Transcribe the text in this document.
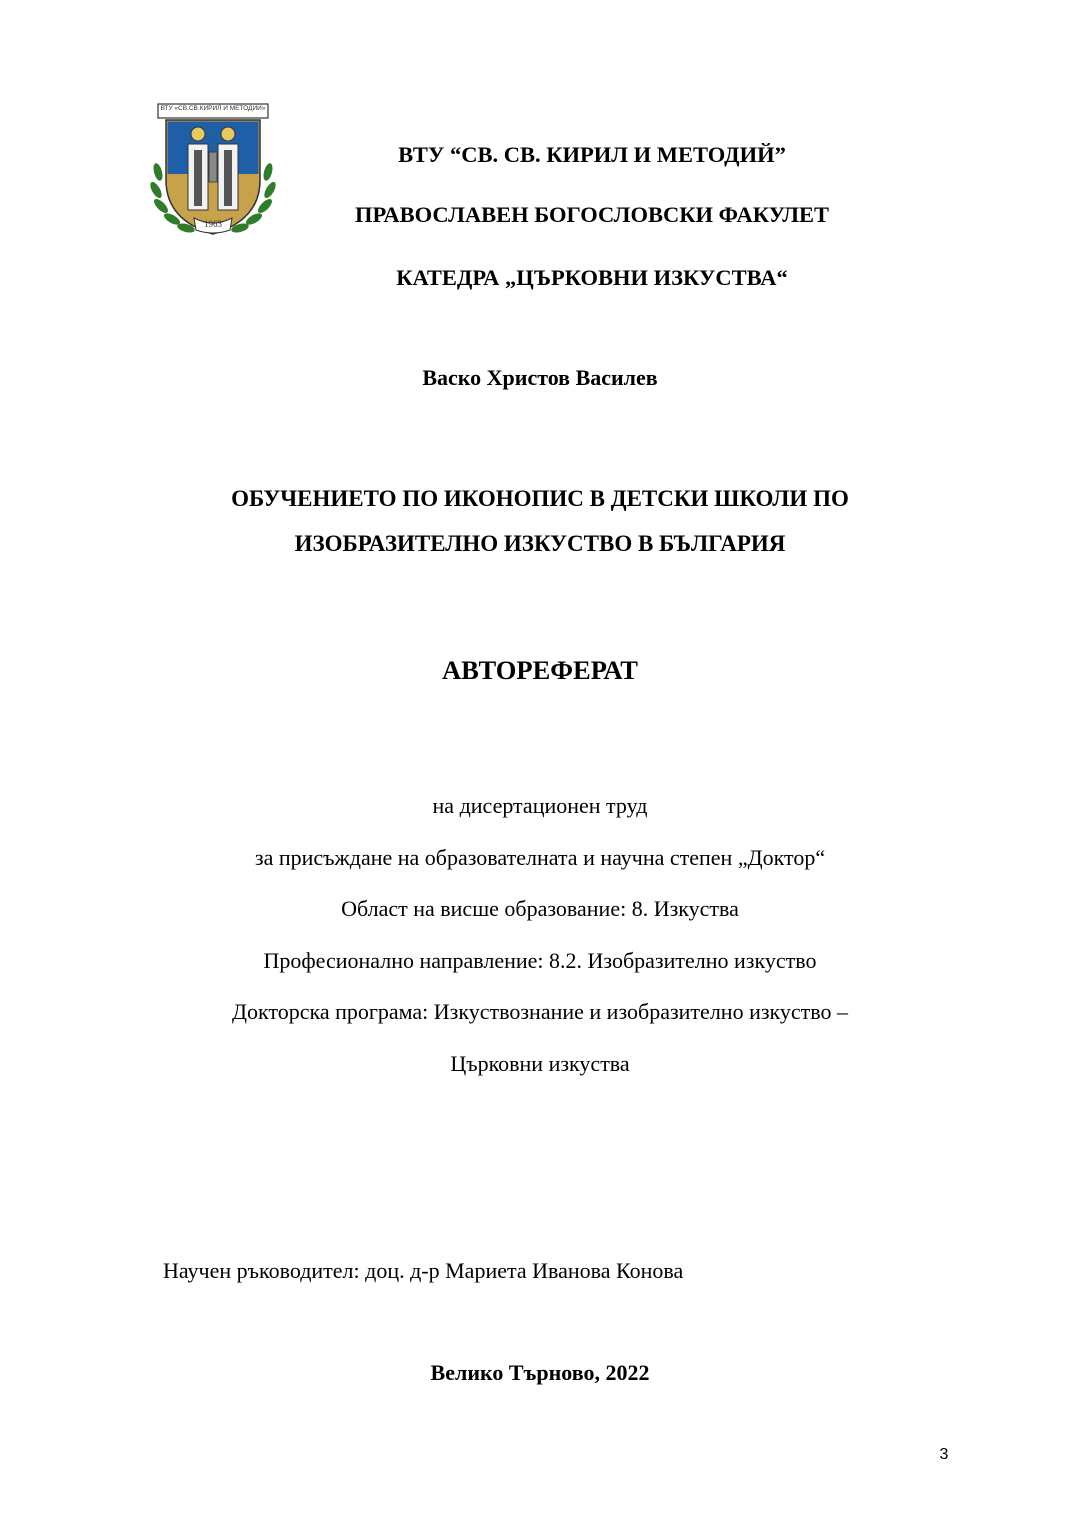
ВТУ «СВ.СВ.КИРИЛ И МЕТОДИЙ»
1963
ВТУ “СВ. СВ. КИРИЛ И МЕТОДИЙ”
ПРАВОСЛАВЕН БОГОСЛОВСКИ ФАКУЛЕТ
КАТЕДРА „ЦЪРКОВНИ ИЗКУСТВА“
Васко Христов Василев
ОБУЧЕНИЕТО ПО ИКОНОПИС В ДЕТСКИ ШКОЛИ ПО
ИЗОБРАЗИТЕЛНО ИЗКУСТВО В БЪЛГАРИЯ
АВТОРЕФЕРАТ
на дисертационен труд
за присъждане на образователната и научна степен „Доктор“
Област на висше образование: 8. Изкуства
Професионално направление: 8.2. Изобразително изкуство
Докторска програма: Изкуствознание и изобразително изкуство –
Църковни изкуства
Научен ръководител: доц. д-р Мариета Иванова Конова
Велико Търново, 2022
3
